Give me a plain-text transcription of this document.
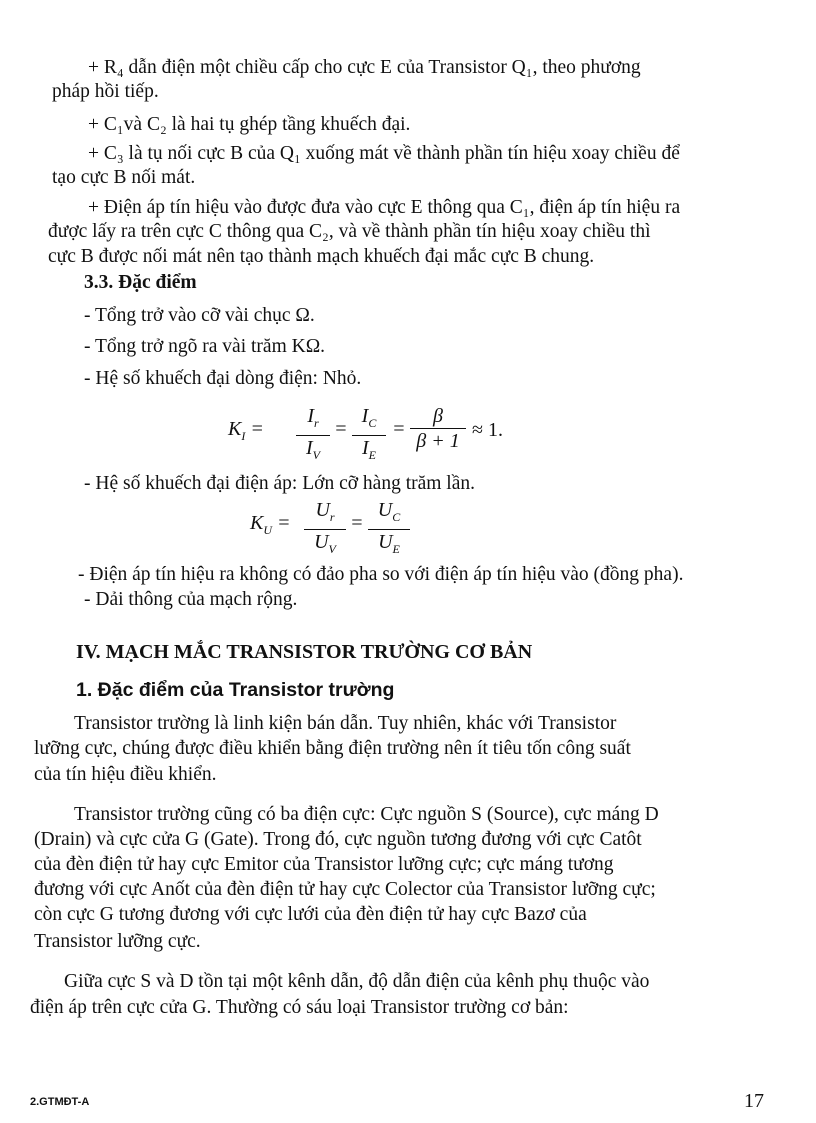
+ R₄ dẫn điện một chiều cấp cho cực E của Transistor Q₁, theo phương
pháp hồi tiếp.
+ C₁và C₂ là hai tụ ghép tầng khuếch đại.
+ C₃ là tụ nối cực B của Q₁ xuống mát về thành phần tín hiệu xoay chiều để
tạo cực B nối mát.
+ Điện áp tín hiệu vào được đưa vào cực E thông qua C₁, điện áp tín hiệu ra
được lấy ra trên cực C thông qua C₂, và về thành phần tín hiệu xoay chiều thì
cực B được nối mát nên tạo thành mạch khuếch đại mắc cực B chung.
3.3. Đặc điểm
- Tổng trở vào cỡ vài chục Ω.
- Tổng trở ngõ ra vài trăm KΩ.
- Hệ số khuếch đại dòng điện: Nhỏ.
$K_I = \frac{I_r}{I_V} = \frac{I_C}{I_E} = \frac{\beta}{\beta + 1} \approx 1$.
- Hệ số khuếch đại điện áp: Lớn cỡ hàng trăm lần.
$K_U = \frac{U_r}{U_V} = \frac{U_C}{U_E}$
- Điện áp tín hiệu ra không có đảo pha so với điện áp tín hiệu vào (đồng pha).
- Dải thông của mạch rộng.
IV. MẠCH MẮC TRANSISTOR TRƯỜNG CƠ BẢN
1. Đặc điểm của Transistor trường
Transistor trường là linh kiện bán dẫn. Tuy nhiên, khác với Transistor
lưỡng cực, chúng được điều khiển bằng điện trường nên ít tiêu tốn công suất
của tín hiệu điều khiển.
Transistor trường cũng có ba điện cực: Cực nguồn S (Source), cực máng D
(Drain) và cực cửa G (Gate). Trong đó, cực nguồn tương đương với cực Catôt
của đèn điện tử hay cực Emitor của Transistor lưỡng cực; cực máng tương
đương với cực Anốt của đèn điện tử hay cực Colector của Transistor lưỡng cực;
còn cực G tương đương với cực lưới của đèn điện tử hay cực Bazơ của
Transistor lưỡng cực.
Giữa cực S và D tồn tại một kênh dẫn, độ dẫn điện của kênh phụ thuộc vào
điện áp trên cực cửa G. Thường có sáu loại Transistor trường cơ bản:
2.GTMĐT-A	17
